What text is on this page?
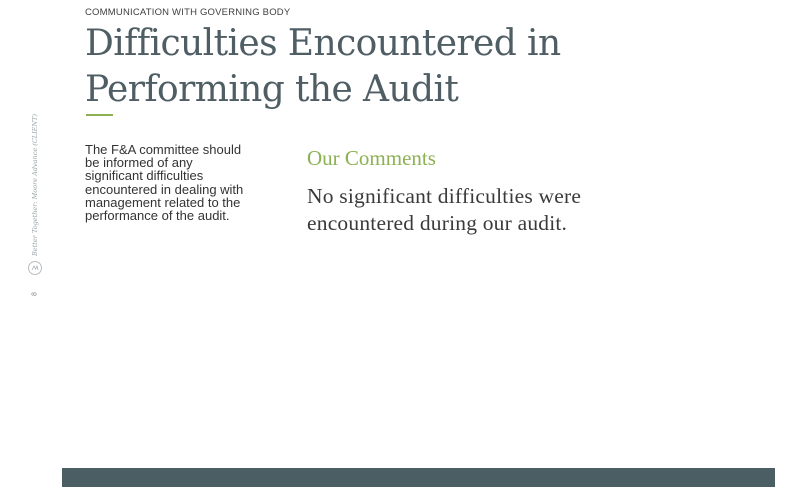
COMMUNICATION WITH GOVERNING BODY
Difficulties Encountered in
Performing the Audit
Better Together: Moore Advance (CLIENT)
8

The F&A committee should be informed of any significant difficulties encountered in dealing with management related to the performance of the audit.

Our Comments

No significant difficulties were encountered during our audit.
